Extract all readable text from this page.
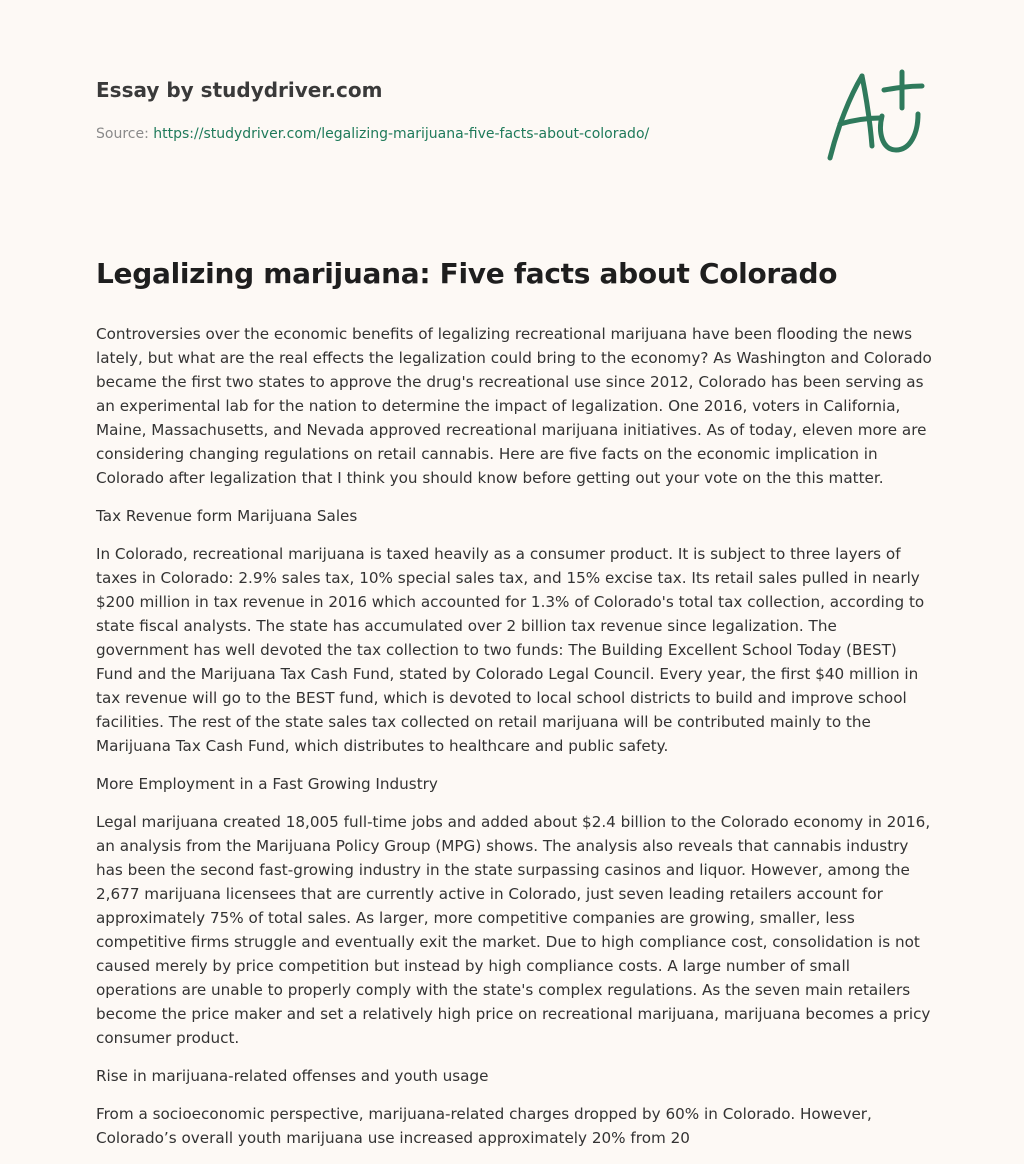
Essay by studydriver.com
Source: https://studydriver.com/legalizing-marijuana-five-facts-about-colorado/
Legalizing marijuana: Five facts about Colorado

Controversies over the economic benefits of legalizing recreational marijuana have been flooding the news lately, but what are the real effects the legalization could bring to the economy? As Washington and Colorado became the first two states to approve the drug's recreational use since 2012, Colorado has been serving as an experimental lab for the nation to determine the impact of legalization. One 2016, voters in California, Maine, Massachusetts, and Nevada approved recreational marijuana initiatives. As of today, eleven more are considering changing regulations on retail cannabis. Here are five facts on the economic implication in Colorado after legalization that I think you should know before getting out your vote on the this matter.

Tax Revenue form Marijuana Sales

In Colorado, recreational marijuana is taxed heavily as a consumer product. It is subject to three layers of taxes in Colorado: 2.9% sales tax, 10% special sales tax, and 15% excise tax. Its retail sales pulled in nearly $200 million in tax revenue in 2016 which accounted for 1.3% of Colorado's total tax collection, according to state fiscal analysts. The state has accumulated over 2 billion tax revenue since legalization. The government has well devoted the tax collection to two funds: The Building Excellent School Today (BEST) Fund and the Marijuana Tax Cash Fund, stated by Colorado Legal Council. Every year, the first $40 million in tax revenue will go to the BEST fund, which is devoted to local school districts to build and improve school facilities. The rest of the state sales tax collected on retail marijuana will be contributed mainly to the Marijuana Tax Cash Fund, which distributes to healthcare and public safety.

More Employment in a Fast Growing Industry

Legal marijuana created 18,005 full-time jobs and added about $2.4 billion to the Colorado economy in 2016, an analysis from the Marijuana Policy Group (MPG) shows. The analysis also reveals that cannabis industry has been the second fast-growing industry in the state surpassing casinos and liquor. However, among the 2,677 marijuana licensees that are currently active in Colorado, just seven leading retailers account for approximately 75% of total sales. As larger, more competitive companies are growing, smaller, less competitive firms struggle and eventually exit the market. Due to high compliance cost, consolidation is not caused merely by price competition but instead by high compliance costs. A large number of small operations are unable to properly comply with the state's complex regulations. As the seven main retailers become the price maker and set a relatively high price on recreational marijuana, marijuana becomes a pricy consumer product.

Rise in marijuana-related offenses and youth usage

From a socioeconomic perspective, marijuana-related charges dropped by 60% in Colorado. However, Colorado’s overall youth marijuana use increased approximately 20% from 20
